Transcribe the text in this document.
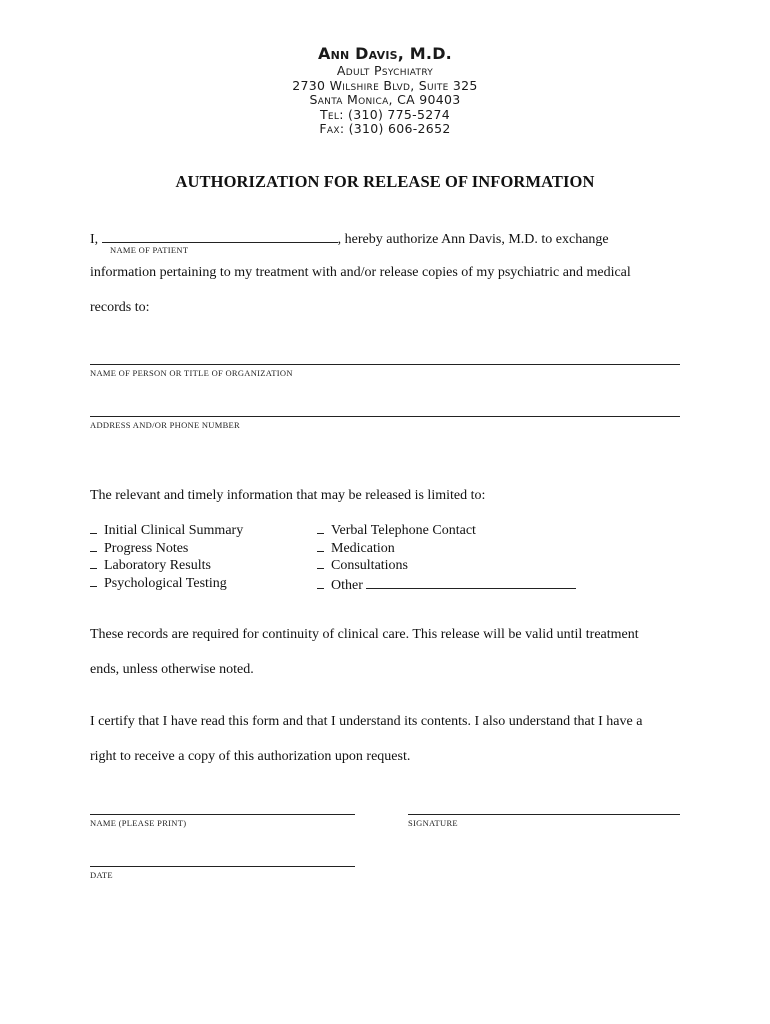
Ann Davis, M.D.
Adult Psychiatry
2730 Wilshire Blvd, Suite 325
Santa Monica, CA 90403
Tel: (310) 775-5274
Fax: (310) 606-2652
AUTHORIZATION FOR RELEASE OF INFORMATION
I,	, hereby authorize Ann Davis, M.D. to exchange
NAME OF PATIENT
information pertaining to my treatment with and/or release copies of my psychiatric and medical
records to:
NAME OF PERSON OR TITLE OF ORGANIZATION
ADDRESS AND/OR PHONE NUMBER
The relevant and timely information that may be released is limited to:
Initial Clinical Summary
Progress Notes
Laboratory Results
Psychological Testing
Verbal Telephone Contact
Medication
Consultations
Other
These records are required for continuity of clinical care. This release will be valid until treatment
ends, unless otherwise noted.
I certify that I have read this form and that I understand its contents. I also understand that I have a
right to receive a copy of this authorization upon request.
NAME (PLEASE PRINT)	SIGNATURE
DATE
